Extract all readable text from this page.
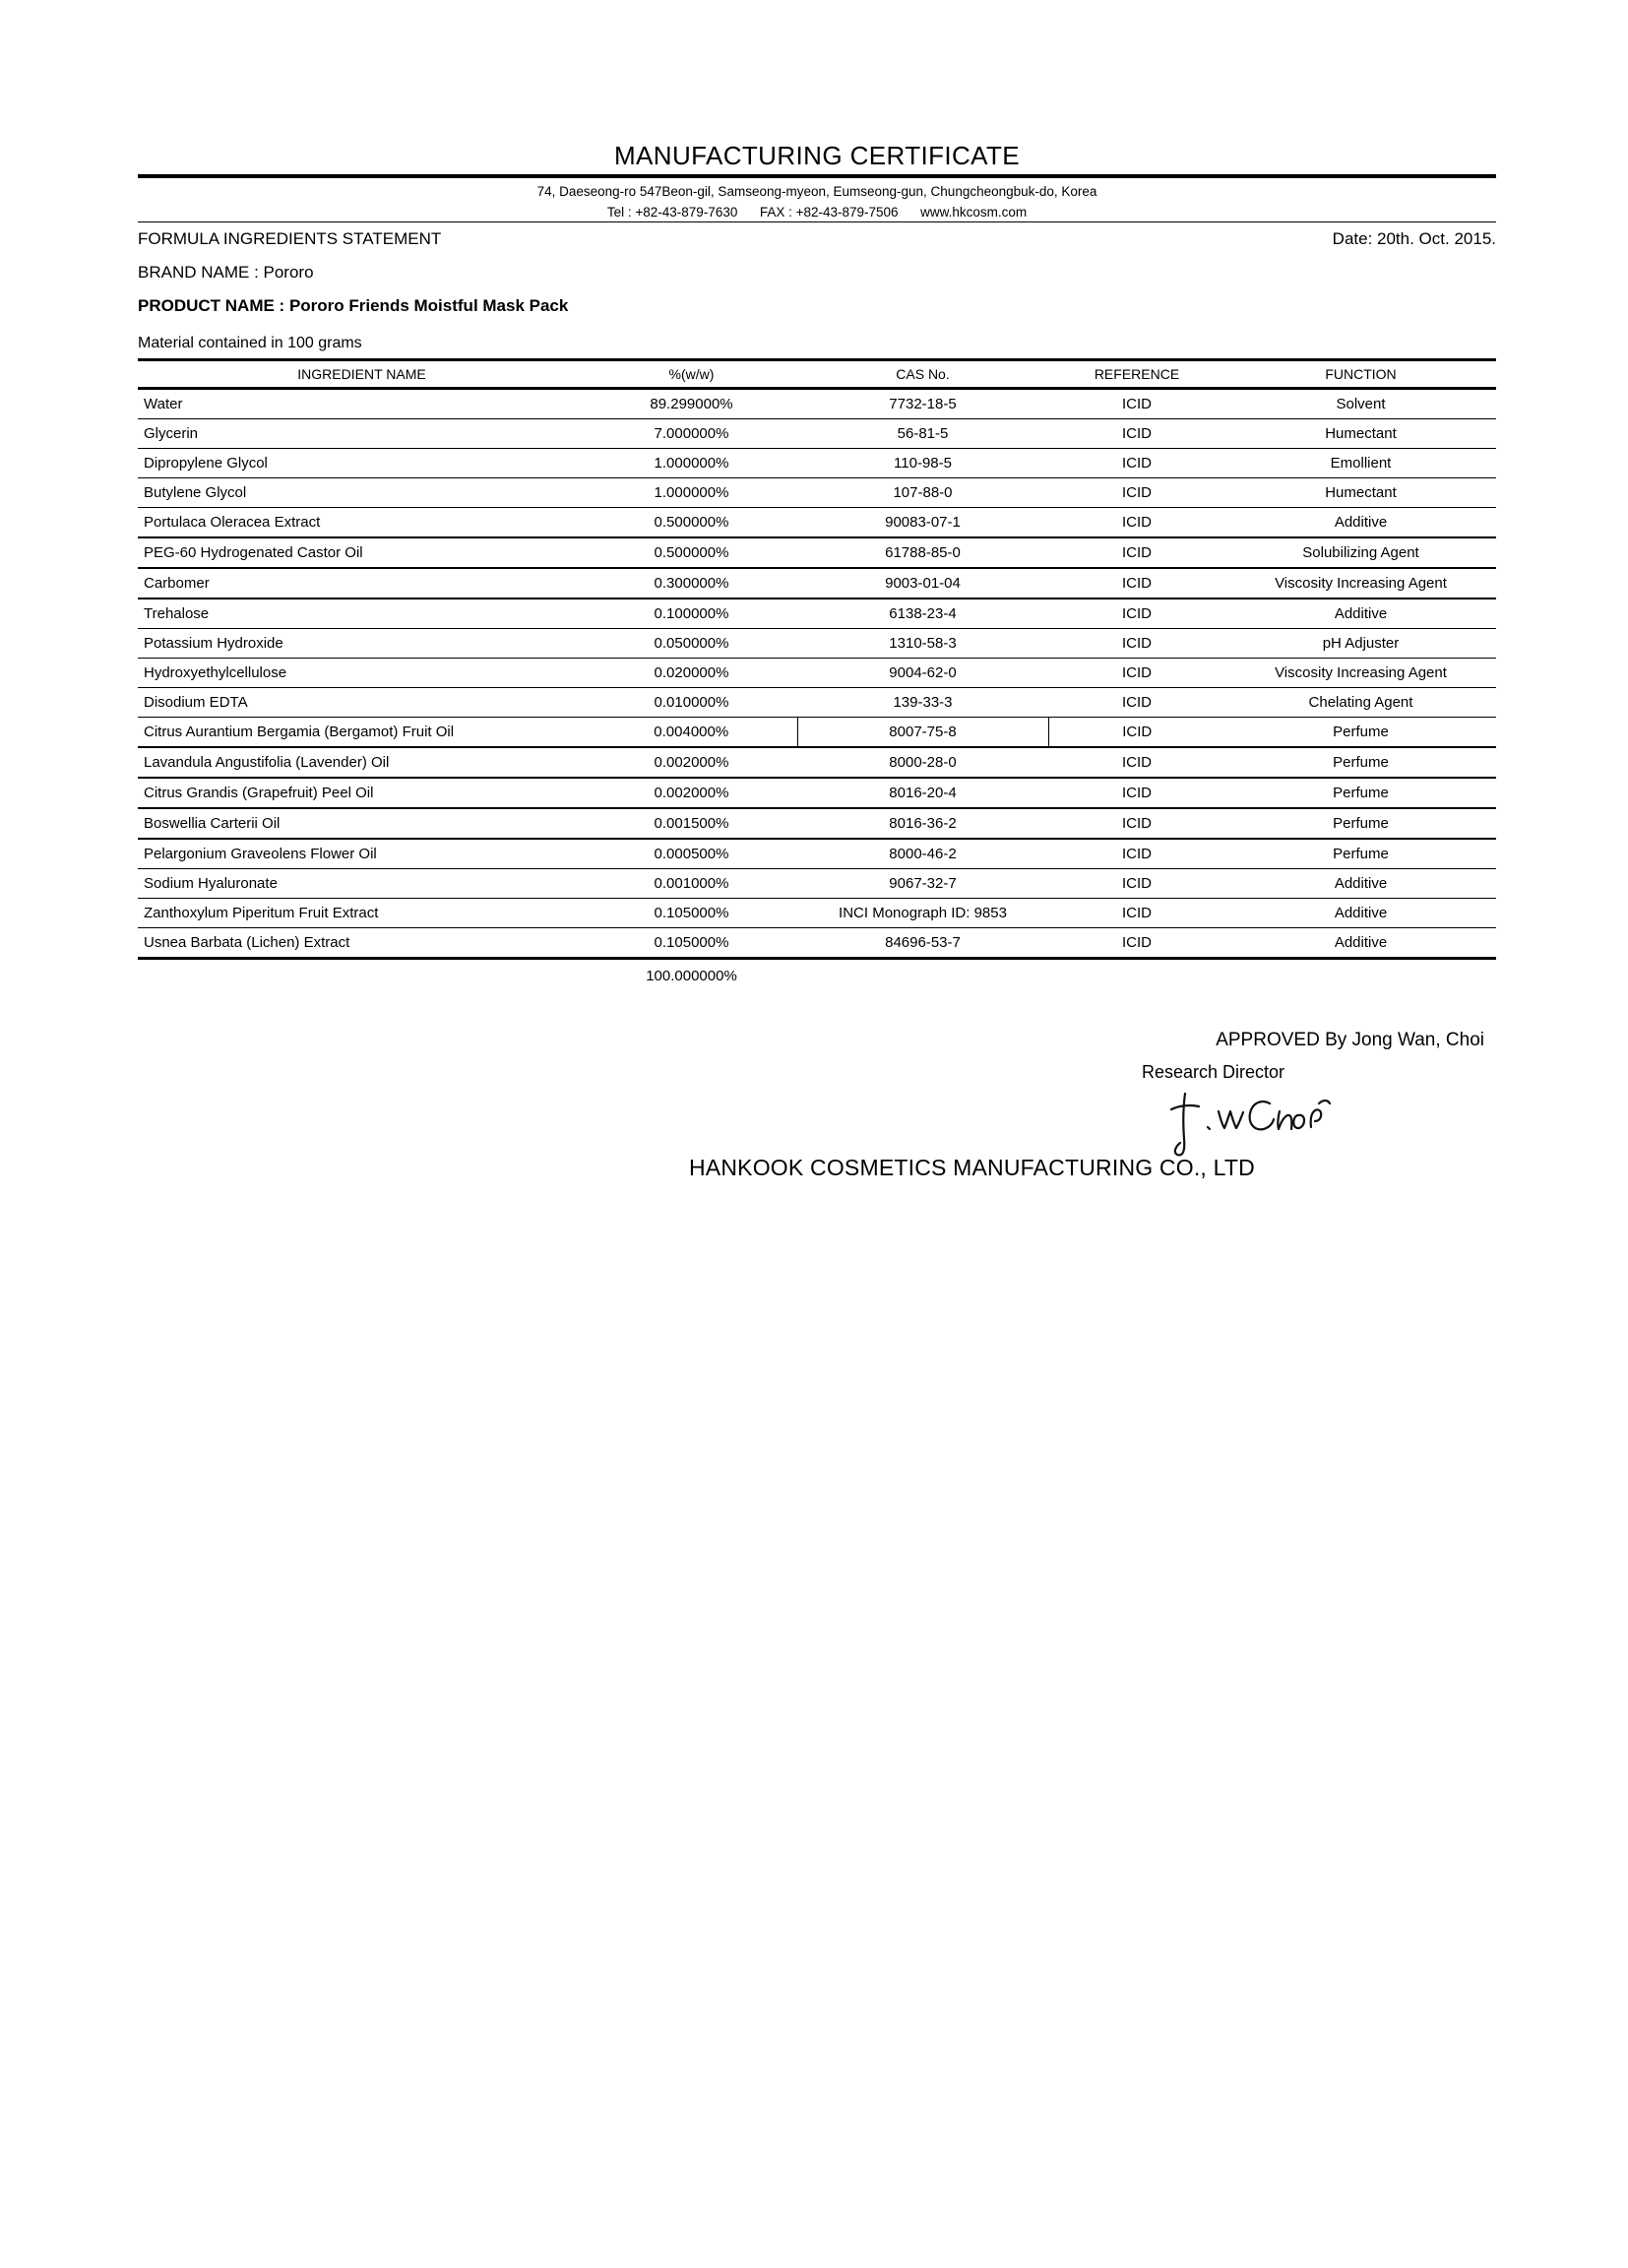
MANUFACTURING CERTIFICATE
74, Daeseong-ro 547Beon-gil, Samseong-myeon, Eumseong-gun, Chungcheongbuk-do, Korea
Tel : +82-43-879-7630      FAX : +82-43-879-7506      www.hkcosm.com
Date: 20th. Oct. 2015.
FORMULA INGREDIENTS STATEMENT
BRAND NAME : Pororo
PRODUCT NAME : Pororo Friends Moistful Mask Pack
Material contained in 100 grams
INGREDIENT NAME	%(w/w)	CAS No.	REFERENCE	FUNCTION
Water	89.299000%	7732-18-5	ICID	Solvent
Glycerin	7.000000%	56-81-5	ICID	Humectant
Dipropylene Glycol	1.000000%	110-98-5	ICID	Emollient
Butylene Glycol	1.000000%	107-88-0	ICID	Humectant
Portulaca Oleracea Extract	0.500000%	90083-07-1	ICID	Additive
PEG-60 Hydrogenated Castor Oil	0.500000%	61788-85-0	ICID	Solubilizing Agent
Carbomer	0.300000%	9003-01-04	ICID	Viscosity Increasing Agent
Trehalose	0.100000%	6138-23-4	ICID	Additive
Potassium Hydroxide	0.050000%	1310-58-3	ICID	pH Adjuster
Hydroxyethylcellulose	0.020000%	9004-62-0	ICID	Viscosity Increasing Agent
Disodium EDTA	0.010000%	139-33-3	ICID	Chelating Agent
Citrus Aurantium Bergamia (Bergamot) Fruit Oil	0.004000%	8007-75-8	ICID	Perfume
Lavandula Angustifolia (Lavender) Oil	0.002000%	8000-28-0	ICID	Perfume
Citrus Grandis (Grapefruit) Peel Oil	0.002000%	8016-20-4	ICID	Perfume
Boswellia Carterii Oil	0.001500%	8016-36-2	ICID	Perfume
Pelargonium Graveolens Flower Oil	0.000500%	8000-46-2	ICID	Perfume
Sodium Hyaluronate	0.001000%	9067-32-7	ICID	Additive
Zanthoxylum Piperitum Fruit Extract	0.105000%	INCI Monograph ID: 9853	ICID	Additive
Usnea Barbata (Lichen) Extract	0.105000%	84696-53-7	ICID	Additive
100.000000%
APPROVED By Jong Wan, Choi
Research Director
HANKOOK COSMETICS MANUFACTURING CO., LTD
